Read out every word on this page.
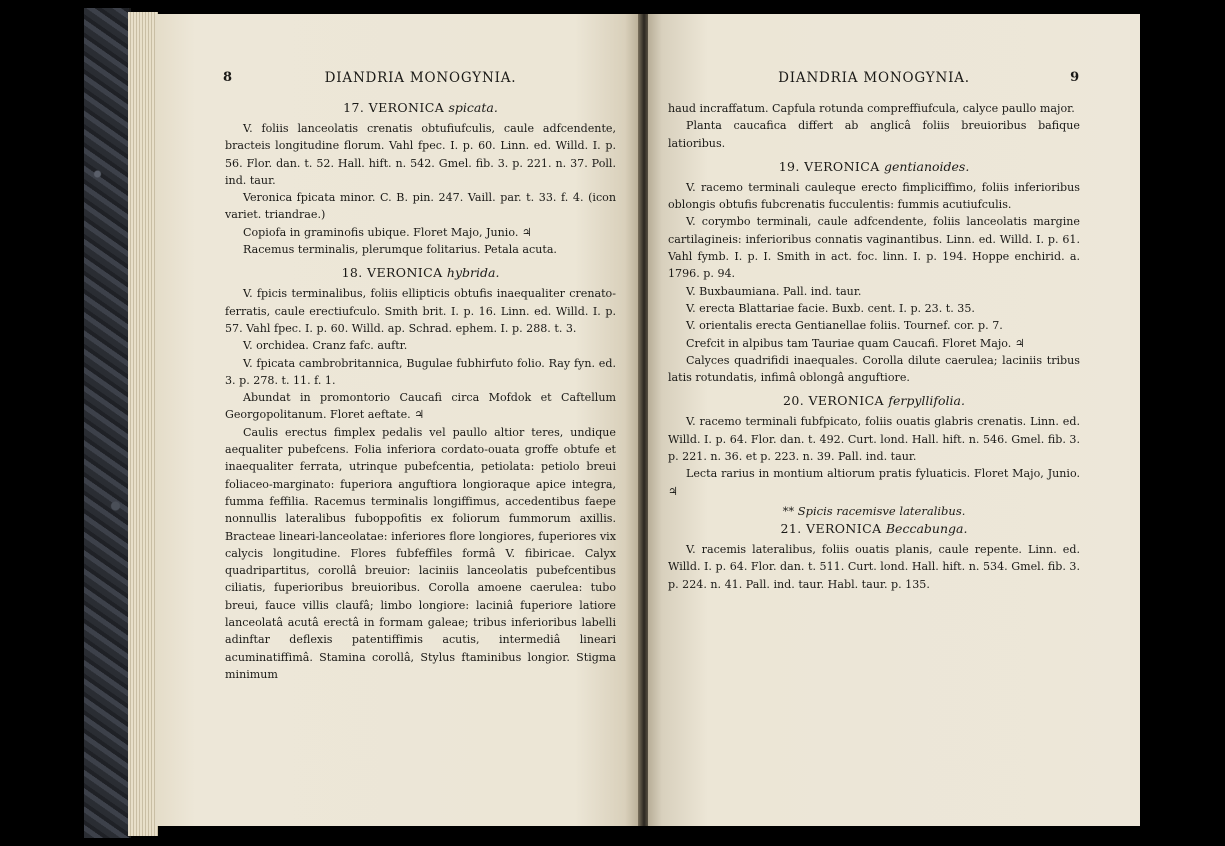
8	DIANDRIA MONOGYNIA.
17. VERONICA spicata.

V. foliis lanceolatis crenatis obtufiufculis, caule adfcendente, bracteis longitudine florum. Vahl fpec. I. p. 60. Linn. ed. Willd. I. p. 56. Flor. dan. t. 52. Hall. hift. n. 542. Gmel. fib. 3. p. 221. n. 37. Poll. ind. taur.

Veronica fpicata minor. C. B. pin. 247. Vaill. par. t. 33. f. 4. (icon variet. triandrae.)

Copiofa in graminofis ubique. Floret Majo, Junio. ♃

Racemus terminalis, plerumque folitarius. Petala acuta.

18. VERONICA hybrida.

V. fpicis terminalibus, foliis ellipticis obtufis inaequaliter crenato-ferratis, caule erectiufculo. Smith brit. I. p. 16. Linn. ed. Willd. I. p. 57. Vahl fpec. I. p. 60. Willd. ap. Schrad. ephem. I. p. 288. t. 3.

V. orchidea. Cranz fafc. auftr.

V. fpicata cambrobritannica, Bugulae fubhirfuto folio. Ray fyn. ed. 3. p. 278. t. 11. f. 1.

Abundat in promontorio Caucafi circa Mofdok et Caftellum Georgopolitanum. Floret aeftate. ♃

Caulis erectus fimplex pedalis vel paullo altior teres, undique aequaliter pubefcens. Folia inferiora cordato-ouata groffe obtufe et inaequaliter ferrata, utrinque pubefcentia, petiolata: petiolo breui foliaceo-marginato: fuperiora anguftiora longioraque apice integra, fumma feffilia. Racemus terminalis longiffimus, accedentibus faepe nonnullis lateralibus fuboppofitis ex foliorum fummorum axillis. Bracteae lineari-lanceolatae: inferiores flore longiores, fuperiores vix calycis longitudine. Flores fubfeffiles formâ V. fibiricae. Calyx quadripartitus, corollâ breuior: laciniis lanceolatis pubefcentibus ciliatis, fuperioribus breuioribus. Corolla amoene caerulea: tubo breui, fauce villis claufâ; limbo longiore: laciniâ fuperiore latiore lanceolatâ acutâ erectâ in formam galeae; tribus inferioribus labelli adinftar deflexis patentiffimis acutis, intermediâ lineari acuminatiffimâ. Stamina corollâ, Stylus ftaminibus longior. Stigma minimum

DIANDRIA MONOGYNIA.	9

haud incraffatum. Capfula rotunda compreffiufcula, calyce paullo major.

Planta caucafica differt ab anglicâ foliis breuioribus bafique latioribus.

19. VERONICA gentianoides.

V. racemo terminali cauleque erecto fimpliciffimo, foliis inferioribus oblongis obtufis fubcrenatis fucculentis: fummis acutiufculis.

V. corymbo terminali, caule adfcendente, foliis lanceolatis margine cartilagineis: inferioribus connatis vaginantibus. Linn. ed. Willd. I. p. 61. Vahl fymb. I. p. I. Smith in act. foc. linn. I. p. 194. Hoppe enchirid. a. 1796. p. 94.

V. Buxbaumiana. Pall. ind. taur.

V. erecta Blattariae facie. Buxb. cent. I. p. 23. t. 35.

V. orientalis erecta Gentianellae foliis. Tournef. cor. p. 7.

Crefcit in alpibus tam Tauriae quam Caucafi. Floret Majo. ♃

Calyces quadrifidi inaequales. Corolla dilute caerulea; laciniis tribus latis rotundatis, infimâ oblongâ anguftiore.

20. VERONICA ferpyllifolia.

V. racemo terminali fubfpicato, foliis ouatis glabris crenatis. Linn. ed. Willd. I. p. 64. Flor. dan. t. 492. Curt. lond. Hall. hift. n. 546. Gmel. fib. 3. p. 221. n. 36. et p. 223. n. 39. Pall. ind. taur.

Lecta rarius in montium altiorum pratis fyluaticis. Floret Majo, Junio. ♃

** Spicis racemisve lateralibus.
21. VERONICA Beccabunga.

V. racemis lateralibus, foliis ouatis planis, caule repente. Linn. ed. Willd. I. p. 64. Flor. dan. t. 511. Curt. lond. Hall. hift. n. 534. Gmel. fib. 3. p. 224. n. 41. Pall. ind. taur. Habl. taur. p. 135.
